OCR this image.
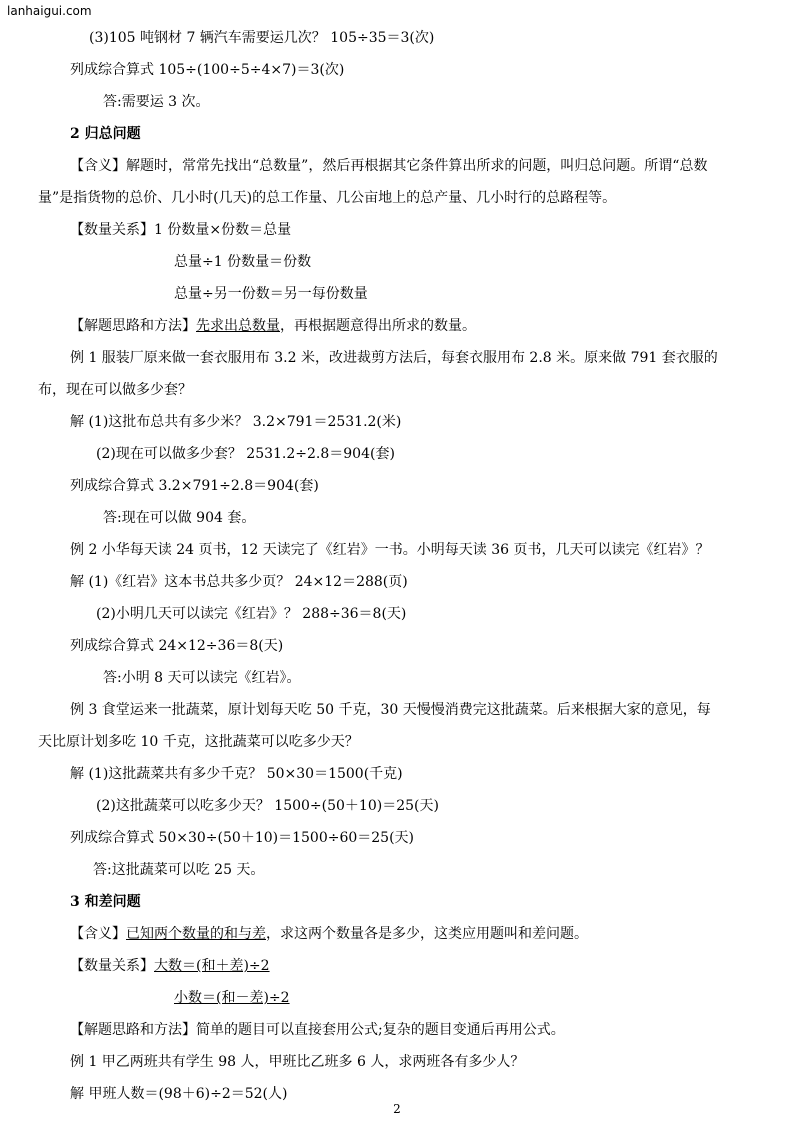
lanhaigui.com
(3)105 吨钢材 7 辆汽车需要运几次？ 105÷35＝3(次)
列成综合算式 105÷(100÷5÷4×7)＝3(次)
答:需要运 3 次。
2 归总问题
【含义】解题时，常常先找出“总数量”，然后再根据其它条件算出所求的问题，叫归总问题。所谓“总数
量”是指货物的总价、几小时(几天)的总工作量、几公亩地上的总产量、几小时行的总路程等。
【数量关系】1 份数量×份数＝总量
总量÷1 份数量＝份数
总量÷另一份数＝另一每份数量
【解题思路和方法】先求出总数量，再根据题意得出所求的数量。
例 1 服装厂原来做一套衣服用布 3.2 米，改进裁剪方法后，每套衣服用布 2.8 米。原来做 791 套衣服的
布，现在可以做多少套？
解 (1)这批布总共有多少米？ 3.2×791＝2531.2(米)
(2)现在可以做多少套？ 2531.2÷2.8＝904(套)
列成综合算式 3.2×791÷2.8＝904(套)
答:现在可以做 904 套。
例 2 小华每天读 24 页书，12 天读完了《红岩》一书。小明每天读 36 页书，几天可以读完《红岩》？
解 (1)《红岩》这本书总共多少页？ 24×12＝288(页)
(2)小明几天可以读完《红岩》？ 288÷36＝8(天)
列成综合算式 24×12÷36＝8(天)
答:小明 8 天可以读完《红岩》。
例 3 食堂运来一批蔬菜，原计划每天吃 50 千克，30 天慢慢消费完这批蔬菜。后来根据大家的意见，每
天比原计划多吃 10 千克，这批蔬菜可以吃多少天？
解 (1)这批蔬菜共有多少千克？ 50×30＝1500(千克)
(2)这批蔬菜可以吃多少天？ 1500÷(50＋10)＝25(天)
列成综合算式 50×30÷(50＋10)＝1500÷60＝25(天)
答:这批蔬菜可以吃 25 天。
3 和差问题
【含义】已知两个数量的和与差，求这两个数量各是多少，这类应用题叫和差问题。
【数量关系】大数＝(和＋差)÷2
小数＝(和－差)÷2
【解题思路和方法】简单的题目可以直接套用公式;复杂的题目变通后再用公式。
例 1 甲乙两班共有学生 98 人，甲班比乙班多 6 人，求两班各有多少人？
解 甲班人数＝(98＋6)÷2＝52(人)
2
